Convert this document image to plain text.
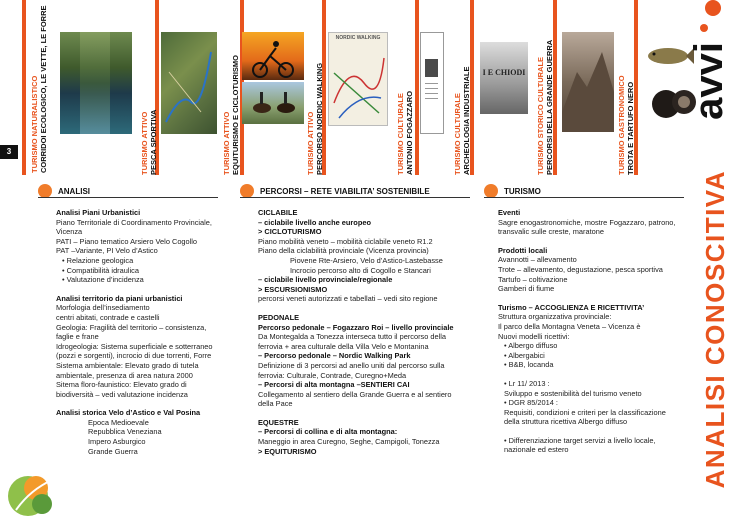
3	TURISMO NATURALISTICO CORRIDOI ECOLOGICO, LE VETTE, LE FORRE	TURISMO ATTIVO PESCA SPORTIVA	TURISMO ATTIVO EQUITURISMO E CICLOTURISMO	TURISMO ATTIVO PERCORSO NORDIC WALKING
NORDIC WALKING
TURISMO CULTURALE ANTONIO FOGAZZARO	TURISMO CULTURALE ARCHEOLOGIA INDUSTRIALE	I E CHIODI	TURISMO STORICO CULTURALE PERCORSI DELLA GRANDE GUERRA	TURISMO GASTRONOMICO TROTA E TARTUFO NERO
avvi
ANALISI	PERCORSI – RETE VIABILITA’ SOSTENIBILE	TURISMO
Analisi Piani Urbanistici
Piano Territoriale di Coordinamento Provinciale,
Vicenza
PATI – Piano tematico Arsiero Velo Cogollo
PAT –Variante, PI Velo d’Astico
• Relazione geologica
• Compatibilità idraulica
• Valutazione d’incidenza
Analisi territorio da piani urbanistici
Morfologia dell’insediamento
centri abitati, contrade e castelli
Geologia: Fragilità del territorio – consistenza,
faglie e frane
Idrogeologia: Sistema superficiale e sotterraneo
(pozzi e sorgenti), incrocio di due torrenti, Forre
Sistema ambientale: Elevato grado di tutela
ambientale, presenza di area natura 2000
Sitema floro-faunistico: Elevato grado di
biodiversità – vedi valutazione incidenza
Analisi storica Velo d’Astico e Val Posina
Epoca Medioevale
Repubblica Veneziana
Impero Asburgico
Grande Guerra
CICLABILE
– ciclabile livello anche europeo
> CICLOTURISMO
Piano mobilità veneto – mobilità ciclabile veneto R1.2
Piano della ciclabilità provinciale (Vicenza provincia)
Piovene Rte-Arsiero, Velo d’Astico-Lastebasse
Incrocio percorso alto di Cogollo e Stancari
– ciclabile livello provinciale/regionale
> ESCURSIONISMO
percorsi veneti autorizzati e tabellati – vedi sito regione
PEDONALE
Percorso pedonale – Fogazzaro Roi – livello provinciale
Da Montegalda a Tonezza interseca tutto il percorso della
ferrovia + area culturale della Villa Velo e Montanina
– Percorso pedonale – Nordic Walking Park
Definizione di 3 percorsi ad anello uniti dal percorso sulla
ferrovia: Culturale, Contrade, Curegno+Meda
– Percorsi di alta montagna –SENTIERI CAI
Collegamento al sentiero della Grande Guerra e al sentiero
della Pace
EQUESTRE
– Percorsi di collina e di alta montagna:
Maneggio in area Curegno, Seghe, Campigoli, Tonezza
> EQUITURISMO
Eventi
Sagre enogastronomiche, mostre Fogazzaro, patrono,
transvalic sulle creste, maratone
Prodotti locali
Avannotti – allevamento
Trote – allevamento, degustazione, pesca sportiva
Tartufo – coltivazione
Gamberi di fiume
Turismo – ACCOGLIENZA E RICETTIVITA’
Struttura organizzativa provinciale:
Il parco della Montagna Veneta – Vicenza è
Nuovi modelli ricettivi:
• Albergo diffuso
• Albergabici
• B&B, locanda
• Lr 11/ 2013 :
Sviluppo e sostenibilità del turismo veneto
• DGR 85/2014 :
Requisiti, condizioni e criteri per la classificazione
della struttura ricettiva Albergo diffuso
• Differenziazione target servizi a livello locale,
nazionale ed estero	ANALISI CONOSCITIVA
